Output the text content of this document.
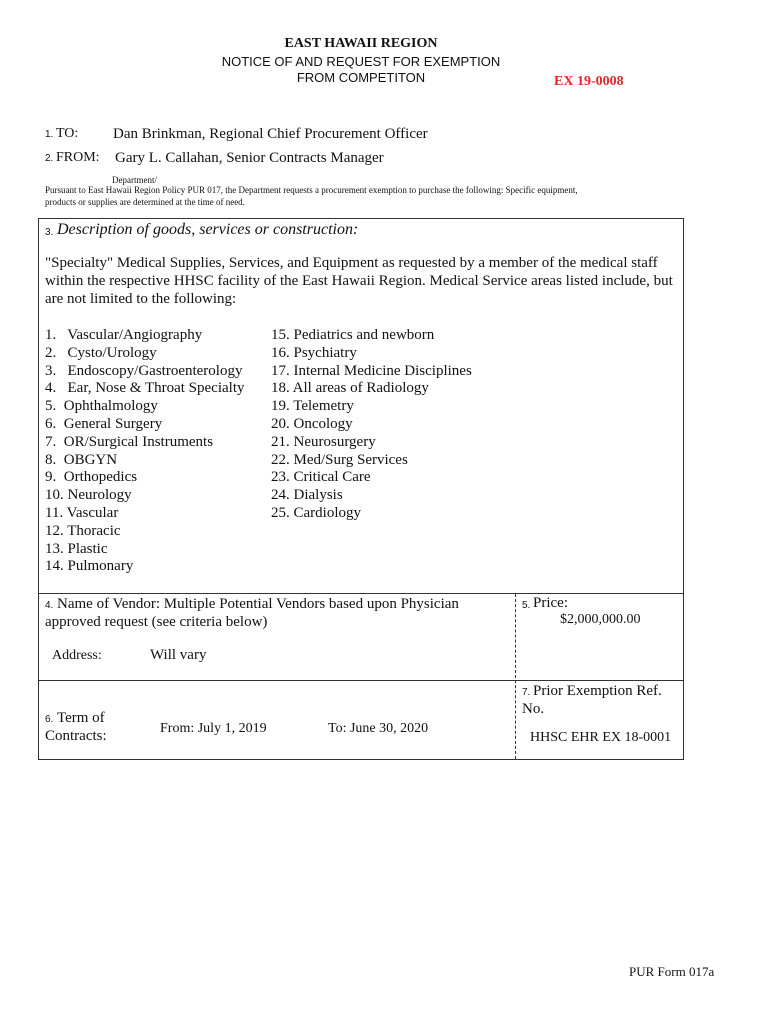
EAST HAWAII REGION
NOTICE OF AND REQUEST FOR EXEMPTION
FROM COMPETITON	EX 19-0008
1. TO: Dan Brinkman, Regional Chief Procurement Officer
2. FROM: Gary L. Callahan, Senior Contracts Manager
Department/
Pursuant to East Hawaii Region Policy PUR 017, the Department requests a procurement exemption to purchase the following: Specific equipment,
products or supplies are determined at the time of need.
3. Description of goods, services or construction:
"Specialty" Medical Supplies, Services, and Equipment as requested by a member of the medical staff within the respective HHSC facility of the East Hawaii Region. Medical Service areas listed include, but are not limited to the following:
1.   Vascular/Angiography
2.   Cysto/Urology
3.   Endoscopy/Gastroenterology
4.   Ear, Nose & Throat Specialty
5.  Ophthalmology
6.  General Surgery
7.  OR/Surgical Instruments
8.  OBGYN
9.  Orthopedics
10. Neurology
11. Vascular
12. Thoracic
13. Plastic
14. Pulmonary
15. Pediatrics and newborn
16. Psychiatry
17. Internal Medicine Disciplines
18. All areas of Radiology
19. Telemetry
20. Oncology
21. Neurosurgery
22. Med/Surg Services
23. Critical Care
24. Dialysis
25. Cardiology
4. Name of Vendor: Multiple Potential Vendors based upon Physician
approved request (see criteria below)
Address:	Will vary
5. Price:
$2,000,000.00
6. Term of
Contracts:	From: July 1, 2019	To: June 30, 2020
7. Prior Exemption Ref.
No.
HHSC EHR EX 18-0001
PUR Form 017a
